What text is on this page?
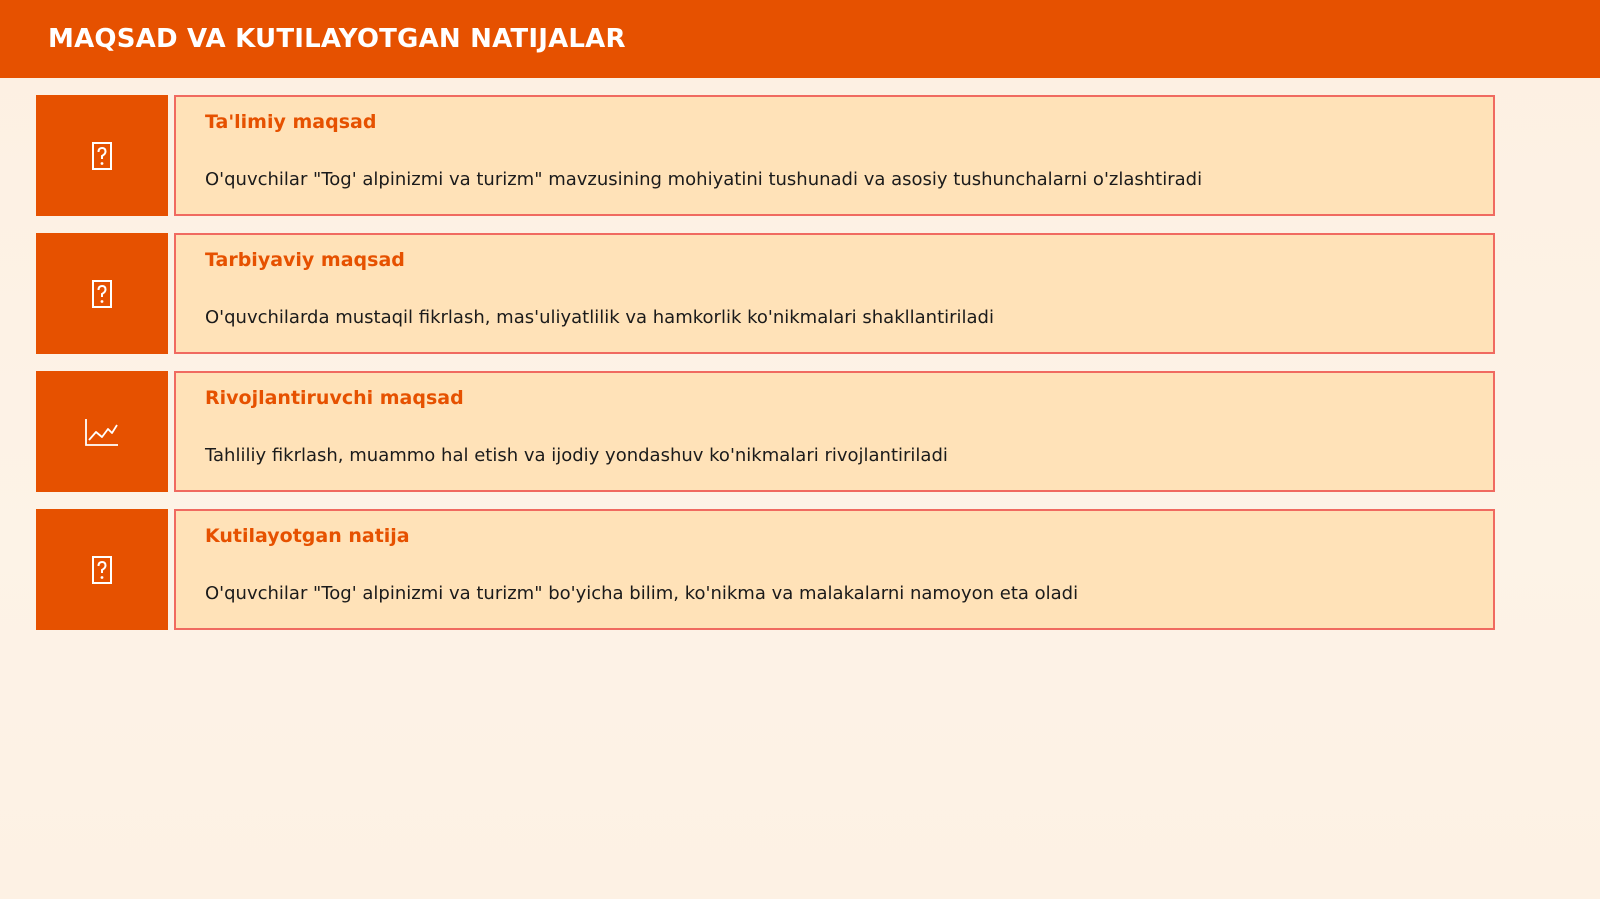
MAQSAD VA KUTILAYOTGAN NATIJALAR
Ta'limiy maqsad
O'quvchilar "Tog' alpinizmi va turizm" mavzusining mohiyatini tushunadi va asosiy tushunchalarni o'zlashtiradi
Tarbiyaviy maqsad
O'quvchilarda mustaqil fikrlash, mas'uliyatlilik va hamkorlik ko'nikmalari shakllantiriladi
Rivojlantiruvchi maqsad
Tahliliy fikrlash, muammo hal etish va ijodiy yondashuv ko'nikmalari rivojlantiriladi
Kutilayotgan natija
O'quvchilar "Tog' alpinizmi va turizm" bo'yicha bilim, ko'nikma va malakalarni namoyon eta oladi
